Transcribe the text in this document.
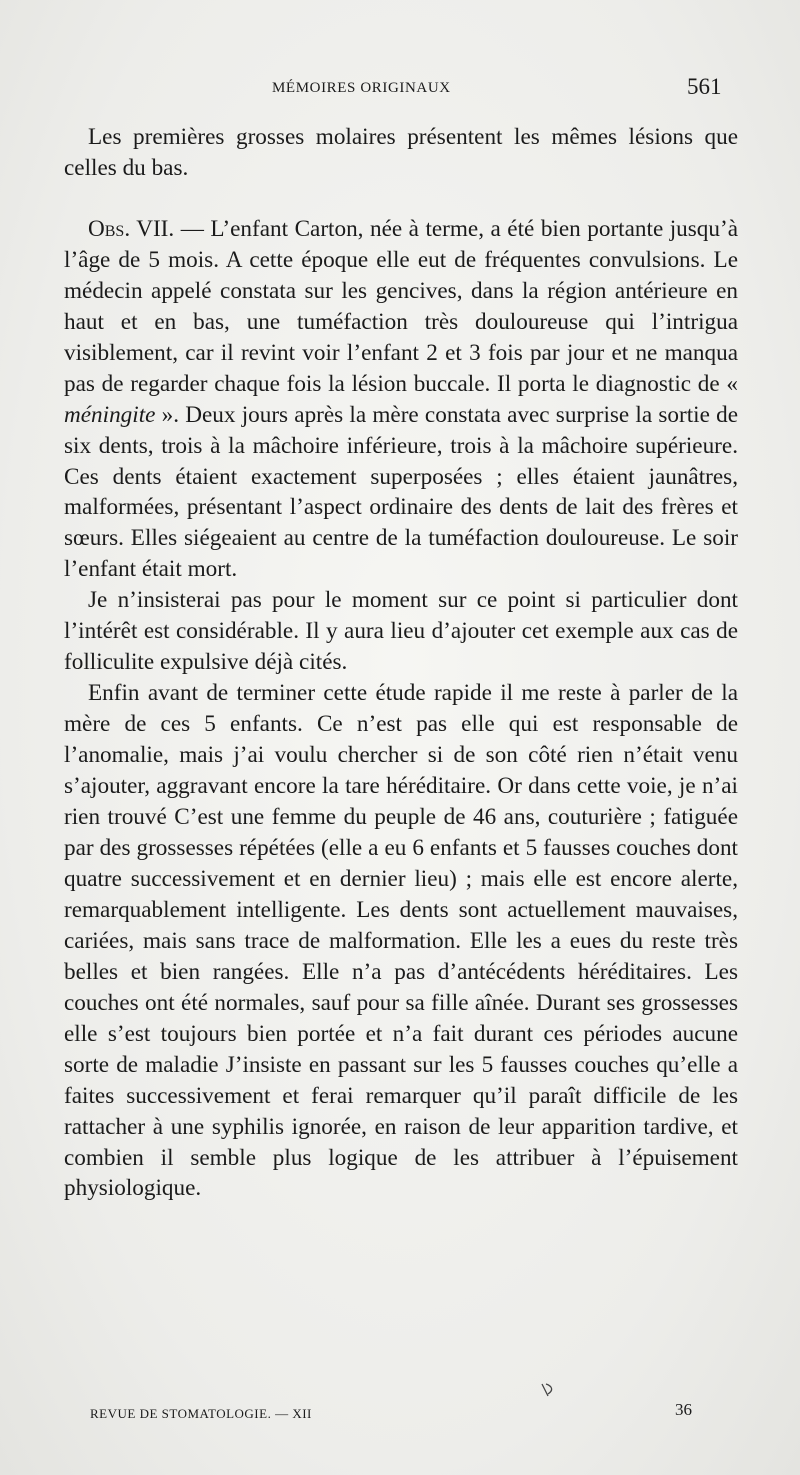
MÉMOIRES ORIGINAUX	561

Les premières grosses molaires présentent les mêmes lésions que celles du bas.

Obs. VII. — L’enfant Carton, née à terme, a été bien portante jusqu’à l’âge de 5 mois. A cette époque elle eut de fréquentes convulsions. Le médecin appelé constata sur les gencives, dans la région antérieure en haut et en bas, une tuméfaction très douloureuse qui l’intrigua visiblement, car il revint voir l’enfant 2 et 3 fois par jour et ne manqua pas de regarder chaque fois la lésion buccale. Il porta le diagnostic de « méningite ». Deux jours après la mère constata avec surprise la sortie de six dents, trois à la mâchoire inférieure, trois à la mâchoire supérieure. Ces dents étaient exactement superposées ; elles étaient jaunâtres, malformées, présentant l’aspect ordinaire des dents de lait des frères et sœurs. Elles siégeaient au centre de la tuméfaction douloureuse. Le soir l’enfant était mort.

Je n’insisterai pas pour le moment sur ce point si particulier dont l’intérêt est considérable. Il y aura lieu d’ajouter cet exemple aux cas de folliculite expulsive déjà cités.

Enfin avant de terminer cette étude rapide il me reste à parler de la mère de ces 5 enfants. Ce n’est pas elle qui est responsable de l’anomalie, mais j’ai voulu chercher si de son côté rien n’était venu s’ajouter, aggravant encore la tare héréditaire. Or dans cette voie, je n’ai rien trouvé C’est une femme du peuple de 46 ans, couturière ; fatiguée par des grossesses répétées (elle a eu 6 enfants et 5 fausses couches dont quatre successivement et en dernier lieu) ; mais elle est encore alerte, remarquablement intelligente. Les dents sont actuellement mauvaises, cariées, mais sans trace de malformation. Elle les a eues du reste très belles et bien rangées. Elle n’a pas d’antécédents héréditaires. Les couches ont été normales, sauf pour sa fille aînée. Durant ses grossesses elle s’est toujours bien portée et n’a fait durant ces périodes aucune sorte de maladie J’insiste en passant sur les 5 fausses couches qu’elle a faites successivement et ferai remarquer qu’il paraît difficile de les rattacher à une syphilis ignorée, en raison de leur apparition tardive, et combien il semble plus logique de les attribuer à l’épuisement physiologique.

REVUE DE STOMATOLOGIE. — XII	36
